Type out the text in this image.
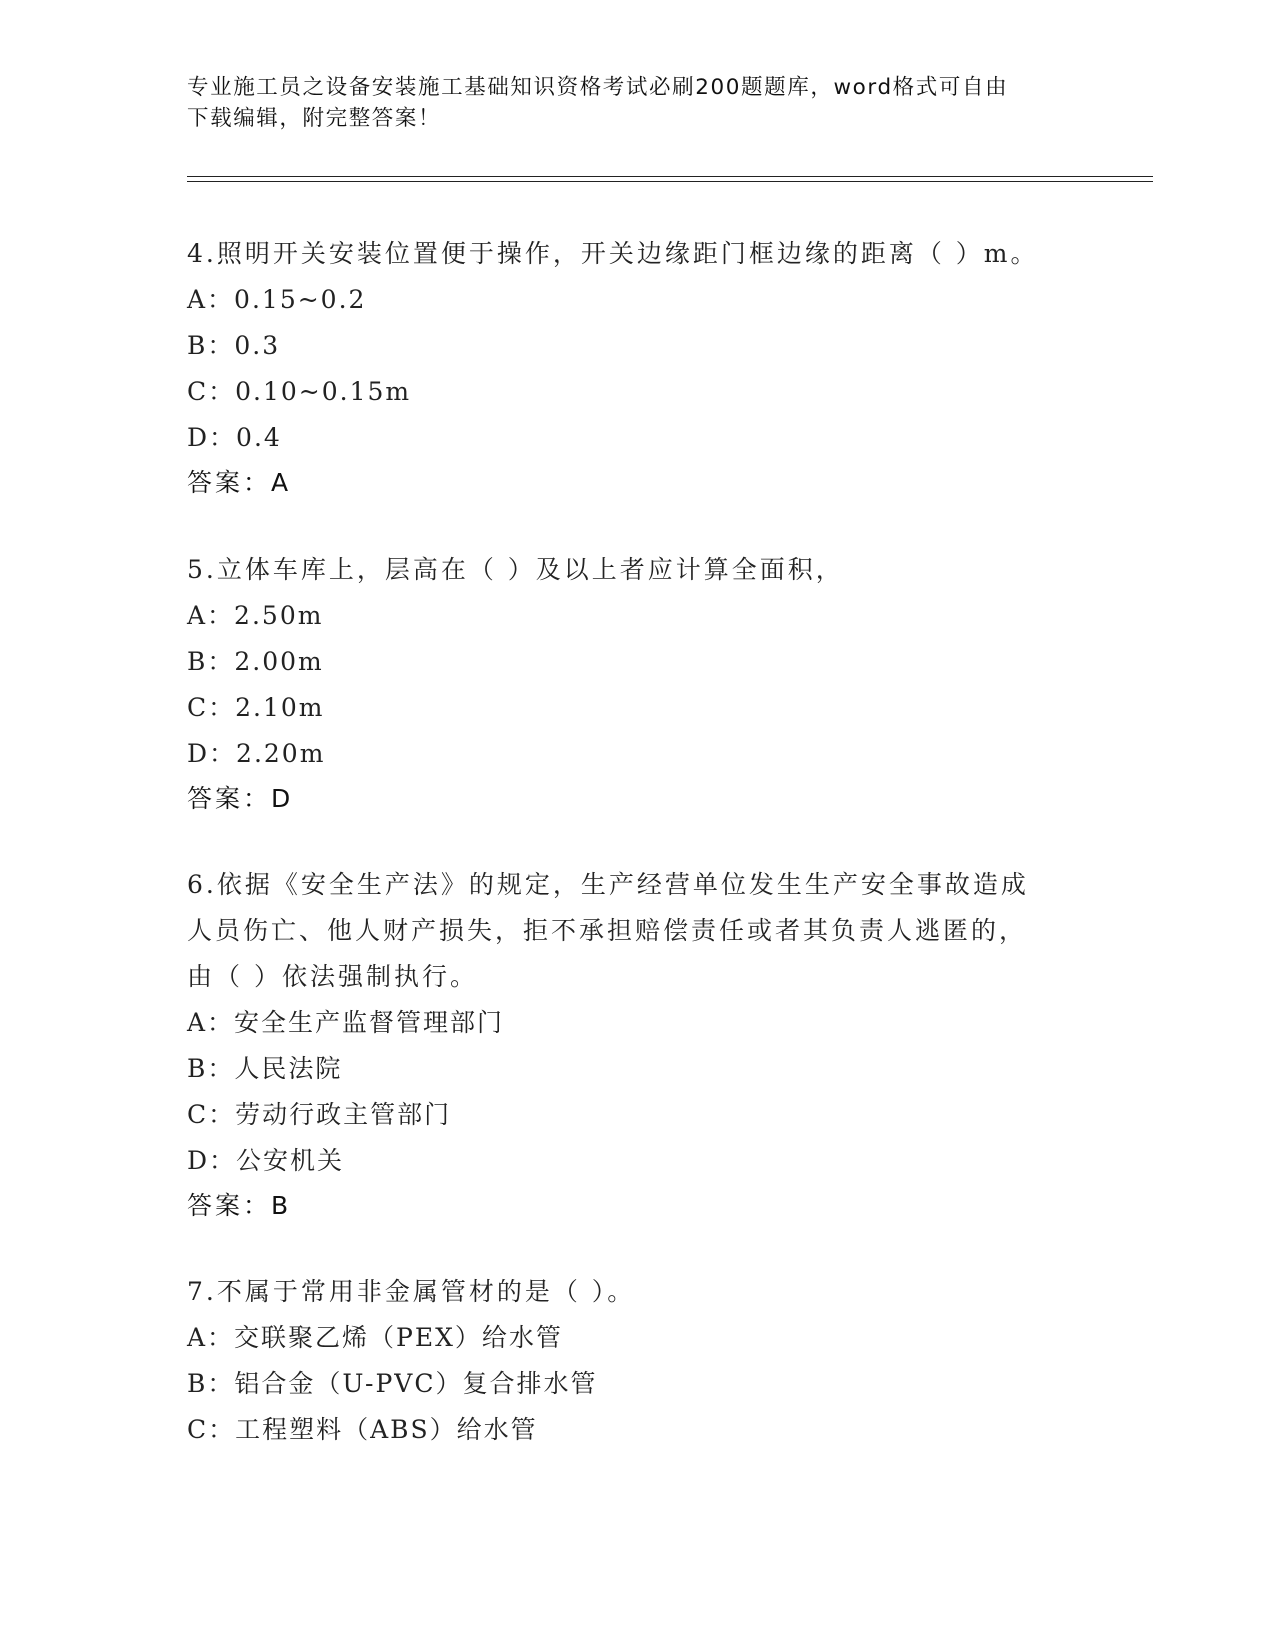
专业施工员之设备安装施工基础知识资格考试必刷200题题库，word格式可自由
下载编辑，附完整答案！
4.照明开关安装位置便于操作，开关边缘距门框边缘的距离（ ）m。
A：0.15~0.2
B：0.3
C：0.10~0.15m
D：0.4
答案：A
5.立体车库上，层高在（ ）及以上者应计算全面积，
A：2.50m
B：2.00m
C：2.10m
D：2.20m
答案：D
6.依据《安全生产法》的规定，生产经营单位发生生产安全事故造成
人员伤亡、他人财产损失，拒不承担赔偿责任或者其负责人逃匿的，
由（ ）依法强制执行。
A：安全生产监督管理部门
B：人民法院
C：劳动行政主管部门
D：公安机关
答案：B
7.不属于常用非金属管材的是（ ）。
A：交联聚乙烯（PEX）给水管
B：铝合金（U-PVC）复合排水管
C：工程塑料（ABS）给水管
